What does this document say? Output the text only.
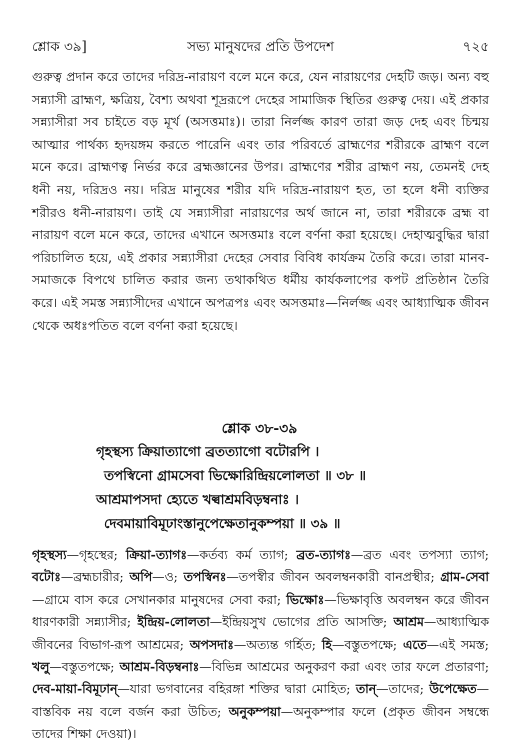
শ্লোক ৩৯]	সভ্য মানুষদের প্রতি উপদেশ	৭২৫

গুরুত্ব প্রদান করে তাদের দরিদ্র-নারায়ণ বলে মনে করে, যেন নারায়ণের দেহটি জড়। অন্য বহু সন্ন্যাসী ব্রাহ্মণ, ক্ষত্রিয়, বৈশ্য অথবা শূদ্ররূপে দেহের সামাজিক স্থিতির গুরুত্ব দেয়। এই প্রকার সন্ন্যাসীরা সব চাইতে বড় মূর্খ (অসত্তমাঃ)। তারা নির্লজ্জ কারণ তারা জড় দেহ এবং চিন্ময় আত্মার পার্থক্য হৃদয়ঙ্গম করতে পারেনি এবং তার পরিবর্তে ব্রাহ্মণের শরীরকে ব্রাহ্মণ বলে মনে করে। ব্রাহ্মণত্ব নির্ভর করে ব্রহ্মজ্ঞানের উপর। ব্রাহ্মণের শরীর ব্রাহ্মণ নয়, তেমনই দেহ ধনী নয়, দরিদ্রও নয়। দরিদ্র মানুষের শরীর যদি দরিদ্র-নারায়ণ হত, তা হলে ধনী ব্যক্তির শরীরও ধনী-নারায়ণ। তাই যে সন্ন্যাসীরা নারায়ণের অর্থ জানে না, তারা শরীরকে ব্রহ্ম বা নারায়ণ বলে মনে করে, তাদের এখানে অসত্তমাঃ বলে বর্ণনা করা হয়েছে। দেহাত্মবুদ্ধির দ্বারা পরিচালিত হয়ে, এই প্রকার সন্ন্যাসীরা দেহের সেবার বিবিধ কার্যক্রম তৈরি করে। তারা মানব-সমাজকে বিপথে চালিত করার জন্য তথাকথিত ধর্মীয় কার্যকলাপের কপট প্রতিষ্ঠান তৈরি করে। এই সমস্ত সন্ন্যাসীদের এখানে অপত্রপঃ এবং অসত্তমাঃ—নির্লজ্জ এবং আধ্যাত্মিক জীবন থেকে অধঃপতিত বলে বর্ণনা করা হয়েছে।

শ্লোক ৩৮-৩৯
গৃহস্থস্য ক্রিয়াত্যাগো ব্রতত্যাগো বটোরপি ।
তপস্বিনো গ্রামসেবা ভিক্ষোরিন্দ্রিয়লোলতা ॥ ৩৮ ॥
আশ্রমাপসদা হ্যেতে খল্বাশ্রমবিড়ম্বনাঃ ।
দেবমায়াবিমূঢাংস্তানুপেক্ষেতানুকম্পয়া ॥ ৩৯ ॥

গৃহস্থস্য—গৃহস্থের; ক্রিয়া-ত্যাগঃ—কর্তব্য কর্ম ত্যাগ; ব্রত-ত্যাগঃ—ব্রত এবং তপস্যা ত্যাগ; বটোঃ—ব্রহ্মচারীর; অপি—ও; তপস্বিনঃ—তপস্বীর জীবন অবলম্বনকারী বানপ্রস্থীর; গ্রাম-সেবা—গ্রামে বাস করে সেখানকার মানুষদের সেবা করা; ভিক্ষোঃ—ভিক্ষাবৃত্তি অবলম্বন করে জীবন ধারণকারী সন্ন্যাসীর; ইন্দ্রিয়-লোলতা—ইন্দ্রিয়সুখ ভোগের প্রতি আসক্তি; আশ্রম—আধ্যাত্মিক জীবনের বিভাগ-রূপ আশ্রমের; অপসদাঃ—অত্যন্ত গর্হিত; হি—বস্তুতপক্ষে; এতে—এই সমস্ত; খলু—বস্তুতপক্ষে; আশ্রম-বিড়ম্বনাঃ—বিভিন্ন আশ্রমের অনুকরণ করা এবং তার ফলে প্রতারণা; দেব-মায়া-বিমূঢান্—যারা ভগবানের বহিরঙ্গা শক্তির দ্বারা মোহিত; তান্—তাদের; উপেক্ষেত—বাস্তবিক নয় বলে বর্জন করা উচিত; অনুকম্পয়া—অনুকম্পার ফলে (প্রকৃত জীবন সম্বন্ধে তাদের শিক্ষা দেওয়া)।
